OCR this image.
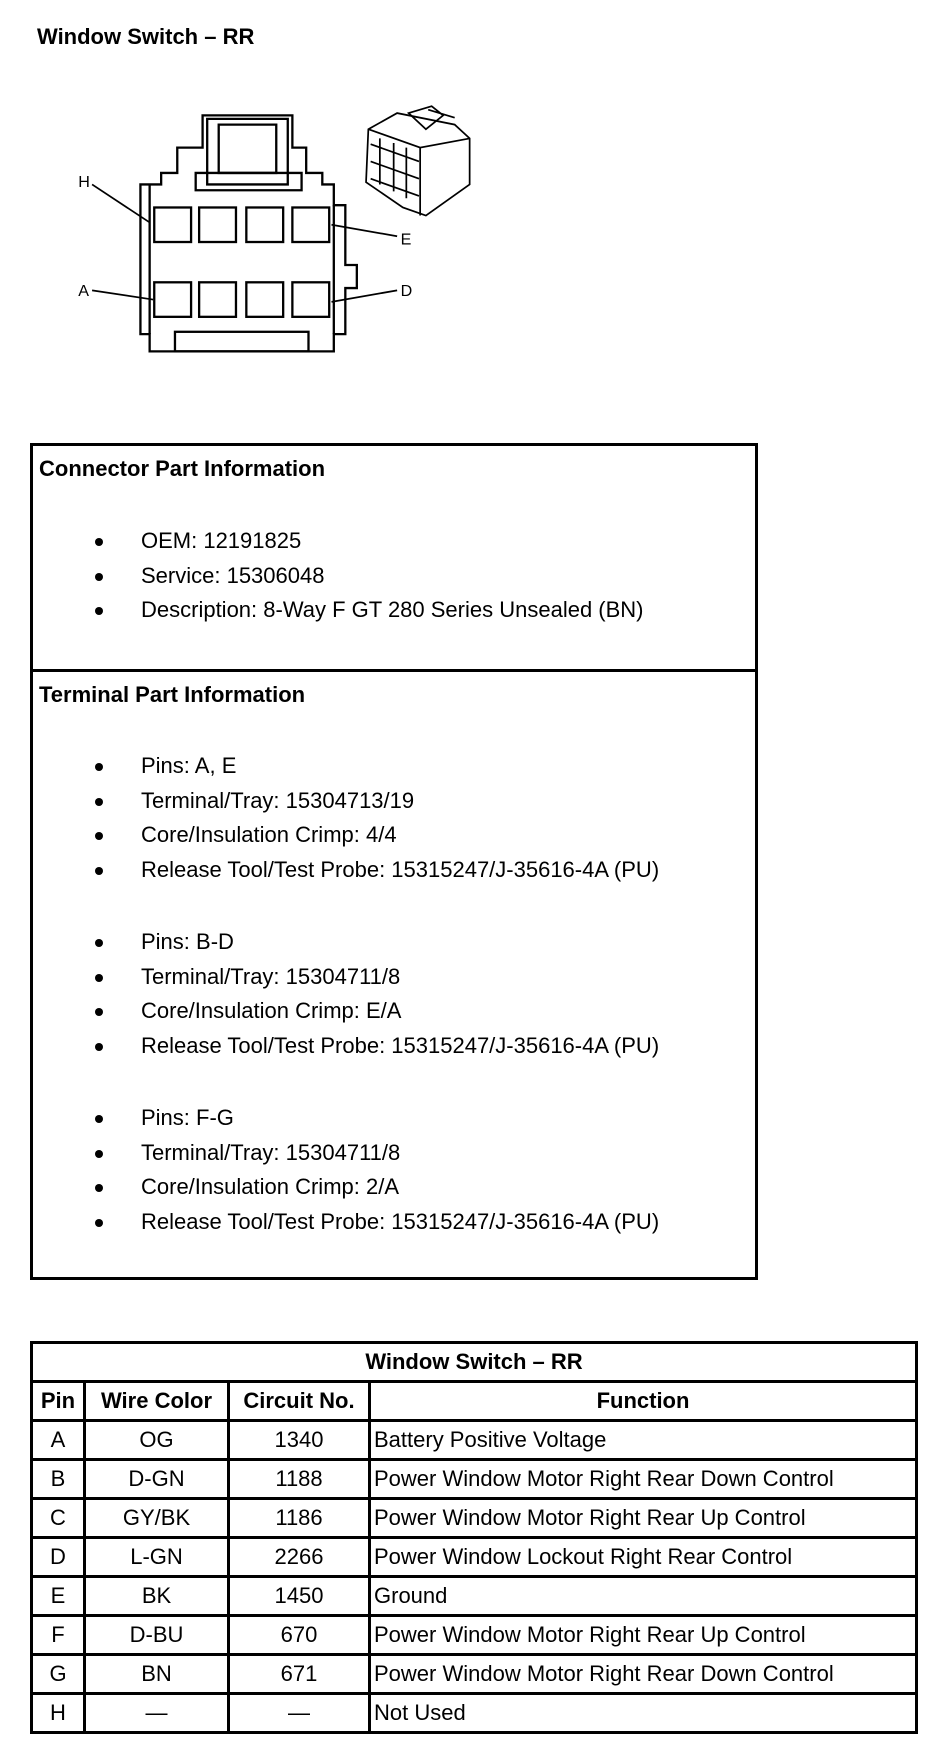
Window Switch – RR
H
E
A	D
Connector Part Information
OEM: 12191825
Service: 15306048
Description: 8-Way F GT 280 Series Unsealed (BN)
Terminal Part Information
Pins: A, E
Terminal/Tray: 15304713/19
Core/Insulation Crimp: 4/4
Release Tool/Test Probe: 15315247/J-35616-4A (PU)
Pins: B-D
Terminal/Tray: 15304711/8
Core/Insulation Crimp: E/A
Release Tool/Test Probe: 15315247/J-35616-4A (PU)
Pins: F-G
Terminal/Tray: 15304711/8
Core/Insulation Crimp: 2/A
Release Tool/Test Probe: 15315247/J-35616-4A (PU)
Window Switch – RR			
Pin	Wire Color	Circuit No.	Function
A	OG	1340	Battery Positive Voltage
B	D-GN	1188	Power Window Motor Right Rear Down Control
C	GY/BK	1186	Power Window Motor Right Rear Up Control
D	L-GN	2266	Power Window Lockout Right Rear Control
E	BK	1450	Ground
F	D-BU	670	Power Window Motor Right Rear Up Control
G	BN	671	Power Window Motor Right Rear Down Control
H	—	—	Not Used
